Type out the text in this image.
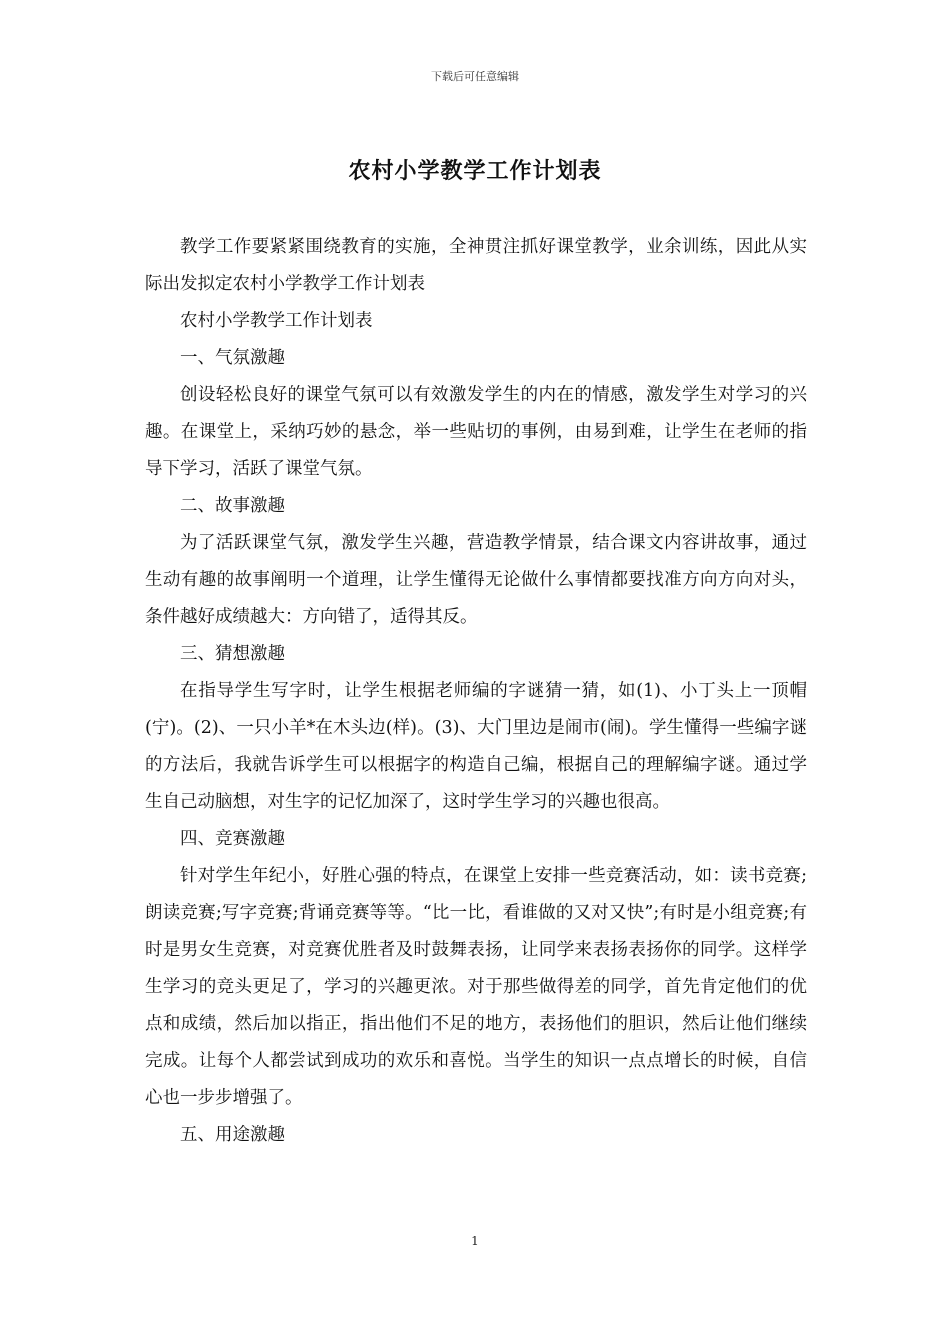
下载后可任意编辑
农村小学教学工作计划表

教学工作要紧紧围绕教育的实施，全神贯注抓好课堂教学，业余训练，因此从实际出发拟定农村小学教学工作计划表

农村小学教学工作计划表

一、气氛激趣

创设轻松良好的课堂气氛可以有效激发学生的内在的情感，激发学生对学习的兴趣。在课堂上，采纳巧妙的悬念，举一些贴切的事例，由易到难，让学生在老师的指导下学习，活跃了课堂气氛。

二、故事激趣

为了活跃课堂气氛，激发学生兴趣，营造教学情景，结合课文内容讲故事，通过生动有趣的故事阐明一个道理，让学生懂得无论做什么事情都要找准方向方向对头，条件越好成绩越大：方向错了，适得其反。

三、猜想激趣

在指导学生写字时，让学生根据老师编的字谜猜一猜，如(1)、小丁头上一顶帽(宁)。(2)、一只小羊*在木头边(样)。(3)、大门里边是闹市(闹)。学生懂得一些编字谜的方法后，我就告诉学生可以根据字的构造自己编，根据自己的理解编字谜。通过学生自己动脑想，对生字的记忆加深了，这时学生学习的兴趣也很高。

四、竞赛激趣

针对学生年纪小，好胜心强的特点，在课堂上安排一些竞赛活动，如：读书竞赛;朗读竞赛;写字竞赛;背诵竞赛等等。“比一比，看谁做的又对又快”;有时是小组竞赛;有时是男女生竞赛，对竞赛优胜者及时鼓舞表扬，让同学来表扬表扬你的同学。这样学生学习的竞头更足了，学习的兴趣更浓。对于那些做得差的同学，首先肯定他们的优点和成绩，然后加以指正，指出他们不足的地方，表扬他们的胆识，然后让他们继续完成。让每个人都尝试到成功的欢乐和喜悦。当学生的知识一点点增长的时候，自信心也一步步增强了。

五、用途激趣

1
